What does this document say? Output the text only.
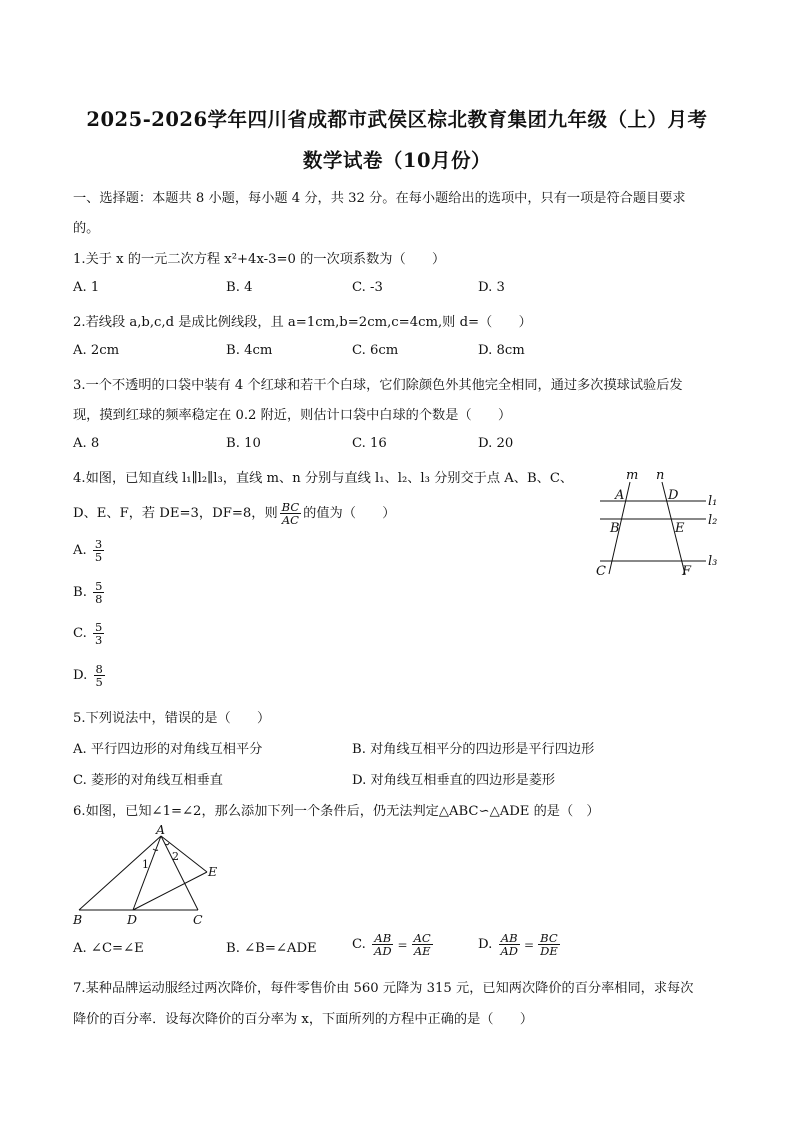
2025-2026学年四川省成都市武侯区棕北教育集团九年级（上）月考
数学试卷（10月份）
一、选择题：本题共 8 小题，每小题 4 分，共 32 分。在每小题给出的选项中，只有一项是符合题目要求
的。
1.关于 x 的一元二次方程 x²+4x-3=0 的一次项系数为（　　）
A. 1	B. 4	C. -3	D. 3
2.若线段 a,b,c,d 是成比例线段，且 a=1cm,b=2cm,c=4cm,则 d=（　　）
A. 2cm	B. 4cm	C. 6cm	D. 8cm
3.一个不透明的口袋中装有 4 个红球和若干个白球，它们除颜色外其他完全相同，通过多次摸球试验后发
现，摸到红球的频率稳定在 0.2 附近，则估计口袋中白球的个数是（　　）
A. 8	B. 10	C. 16	D. 20
4.如图，已知直线 l₁∥l₂∥l₃，直线 m、n 分别与直线 l₁、l₂、l₃ 分别交于点 A、B、C、
D、E、F，若 DE=3，DF=8，则 $\frac{BC}{AC}$ 的值为（　　）
A. $\frac{3}{5}$
B. $\frac{5}{8}$
C. $\frac{5}{3}$
D. $\frac{8}{5}$
m n
A	D
B	E
C	F
l₁
l₂
l₃
5.下列说法中，错误的是（　　）
A. 平行四边形的对角线互相平分	B. 对角线互相平分的四边形是平行四边形
C. 菱形的对角线互相垂直	D. 对角线互相垂直的四边形是菱形
6.如图，已知∠1=∠2，那么添加下列一个条件后，仍无法判定△ABC∽△ADE 的是（　）
A
B	D	C
E
1
2
A. ∠C=∠E	B. ∠B=∠ADE	C. $\frac{AB}{AD} = \frac{AC}{AE}$	D. $\frac{AB}{AD} = \frac{BC}{DE}$
7.某种品牌运动服经过两次降价，每件零售价由 560 元降为 315 元，已知两次降价的百分率相同，求每次
降价的百分率．设每次降价的百分率为 x，下面所列的方程中正确的是（　　）
